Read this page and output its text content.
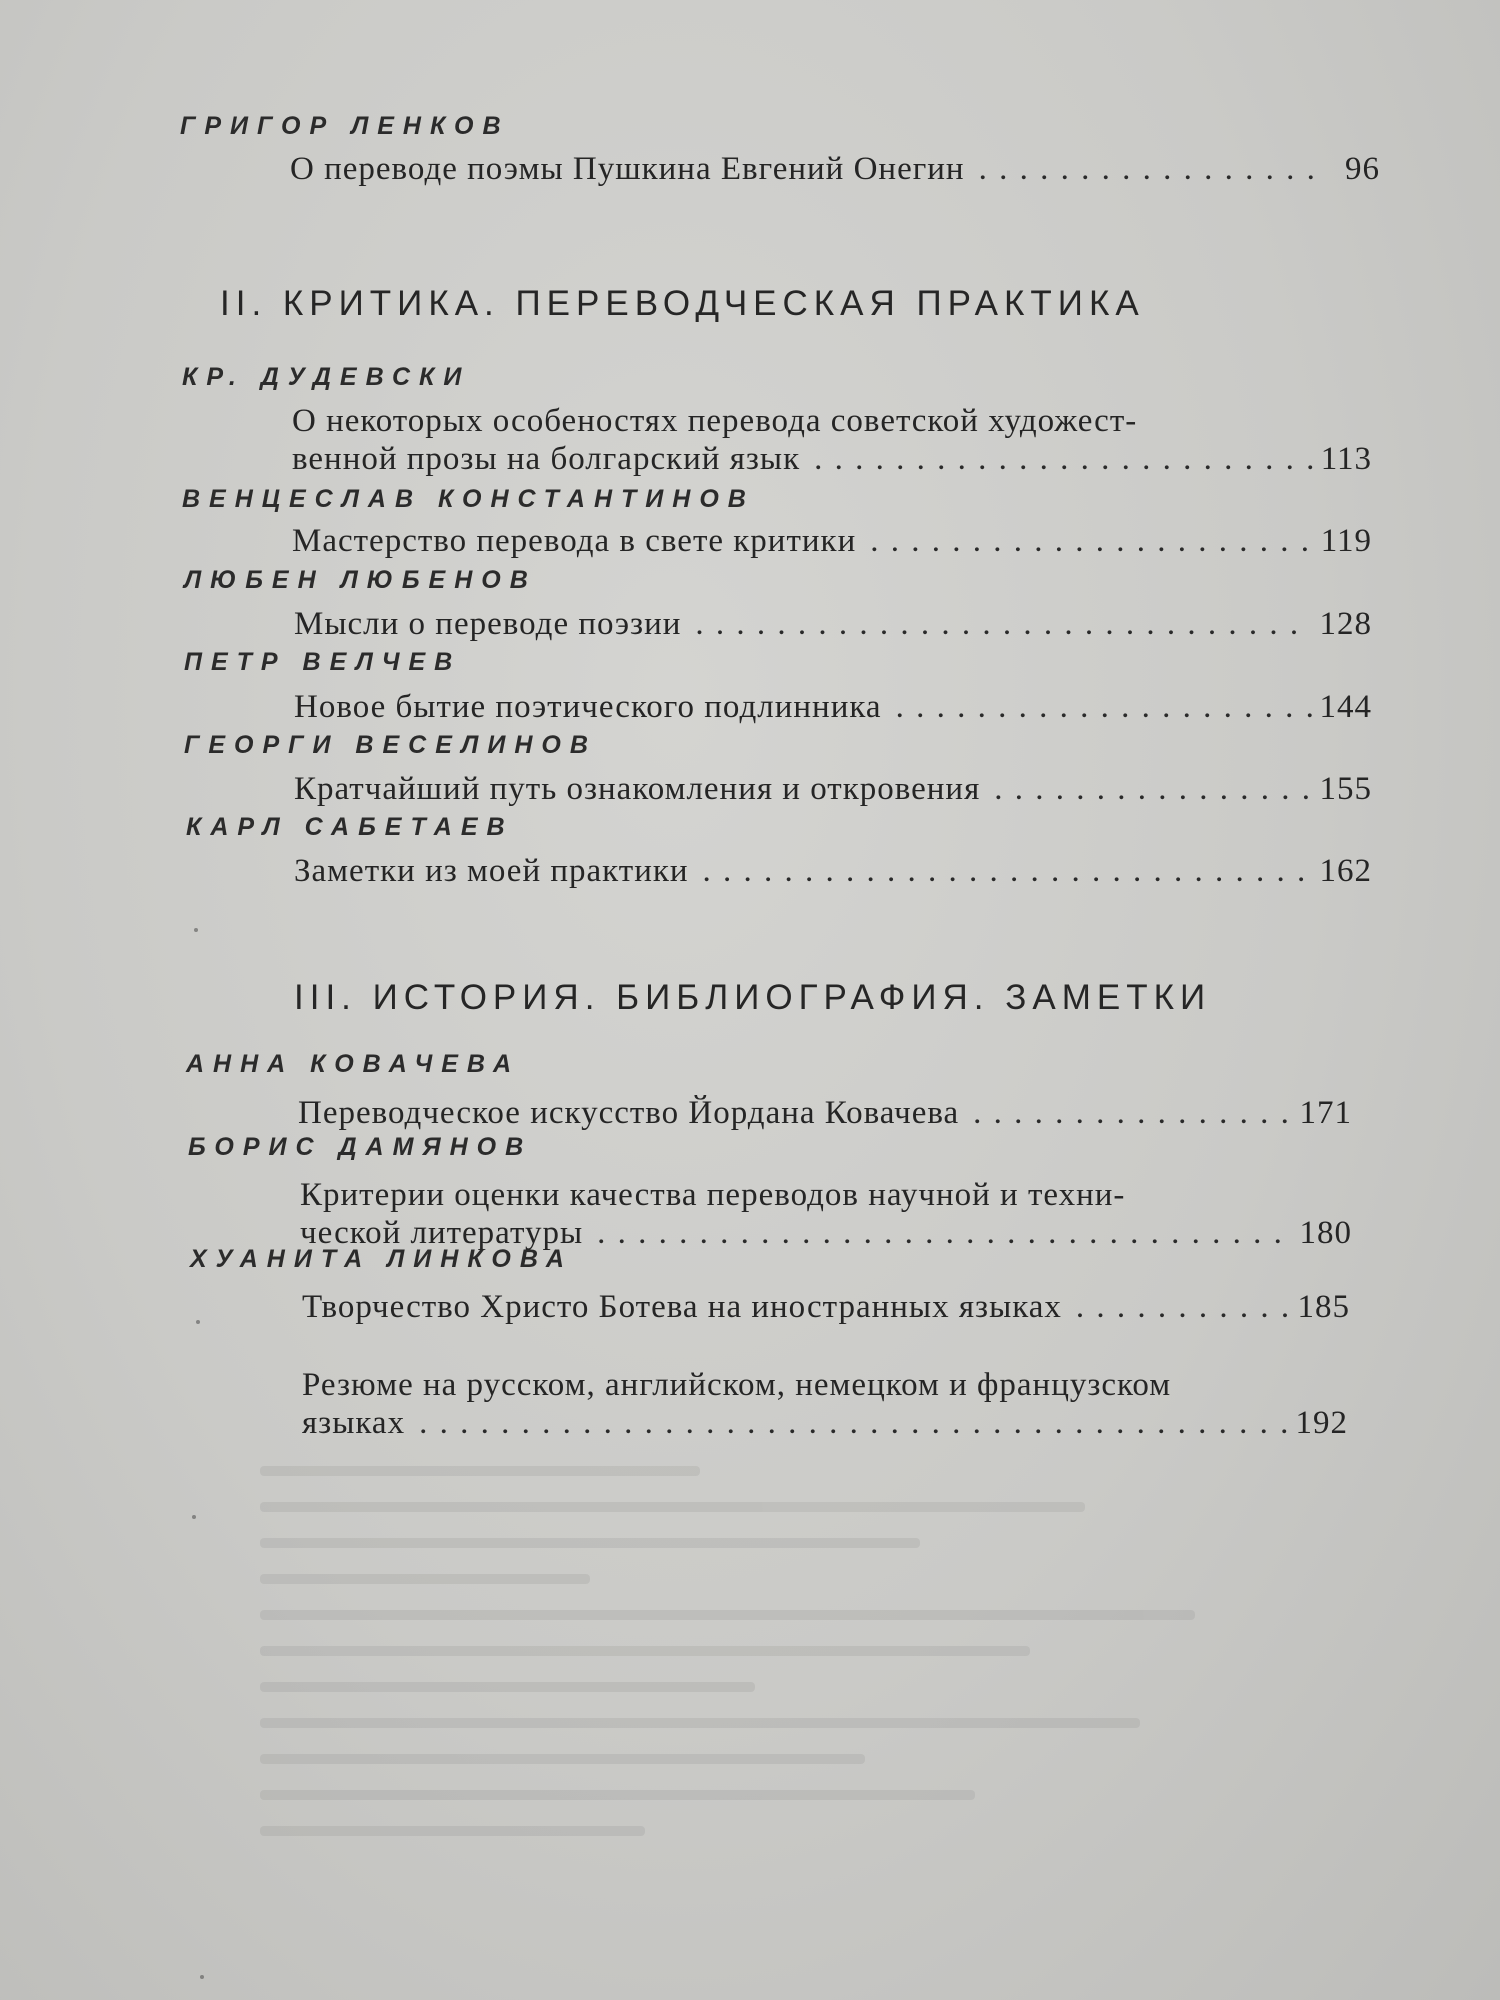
ГРИГОР ЛЕНКОВ
О переводе поэмы Пушкина Евгений Онегин . . .	96
II. КРИТИКА. ПЕРЕВОДЧЕСКАЯ ПРАКТИКА
КР. ДУДЕВСКИ
О некоторых особеностях перевода советской художест-
венной прозы на болгарский язык . . .	113
ВЕНЦЕСЛАВ КОНСТАНТИНОВ
Мастерство перевода в свете критики . . .	119
ЛЮБЕН ЛЮБЕНОВ
Мысли о переводе поэзии . . .	128
ПЕТР ВЕЛЧЕВ
Новое бытие поэтического подлинника . . .	144
ГЕОРГИ ВЕСЕЛИНОВ
Кратчайший путь ознакомления и откровения . . .	155
КАРЛ САБЕТАЕВ
Заметки из моей практики . . .	162
III. ИСТОРИЯ. БИБЛИОГРАФИЯ. ЗАМЕТКИ
АННА КОВАЧЕВА
Переводческое искусство Йордана Ковачева . . .	171
БОРИС ДАМЯНОВ
Критерии оценки качества переводов научной и техни-
ческой литературы . . .	180
ХУАНИТА ЛИНКОВА
Творчество Христо Ботева на иностранных языках . . .	185
Резюме на русском, английском, немецком и французском
языках . . .	192
